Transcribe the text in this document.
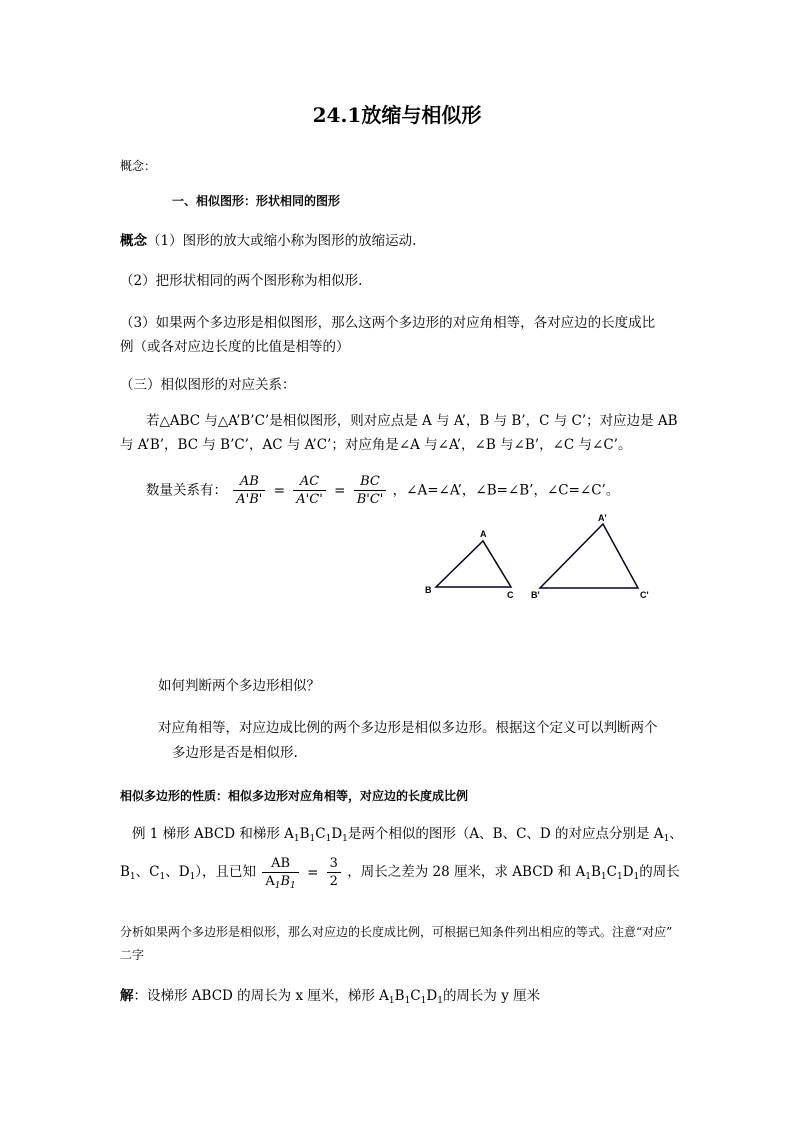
24.1放缩与相似形
概念：
一、相似图形：形状相同的图形
概念（1）图形的放大或缩小称为图形的放缩运动.
（2）把形状相同的两个图形称为相似形.
（3）如果两个多边形是相似图形，那么这两个多边形的对应角相等，各对应边的长度成比
例（或各对应边长度的比值是相等的）
（三）相似图形的对应关系：
若△ABC 与△A’B’C’是相似图形，则对应点是 A 与 A’，B 与 B’，C 与 C’；对应边是 AB
与 A’B’，BC 与 B’C’，AC 与 A’C’；对应角是∠A 与∠A’，∠B 与∠B’，∠C 与∠C’。
数量关系有： $\frac{AB}{A'B'} = \frac{AC}{A'C'} = \frac{BC}{B'C'}$ ，∠A=∠A’，∠B=∠B’，∠C=∠C’。
A
B	C
A'
B'	C'
如何判断两个多边形相似？
对应角相等，对应边成比例的两个多边形是相似多边形。根据这个定义可以判断两个
多边形是否是相似形.
相似多边形的性质：相似多边形对应角相等，对应边的长度成比例
例 1 梯形 ABCD 和梯形 $A_1B_1C_1D_1$是两个相似的图形（A、B、C、D 的对应点分别是 $A_1$、
$B_1$、$C_1$、$D_1$），且已知 $\frac{AB}{A_1B_1} = \frac{3}{2}$ ，周长之差为 28 厘米，求 ABCD 和 $A_1B_1C_1D_1$的周长
分析如果两个多边形是相似形，那么对应边的长度成比例，可根据已知条件列出相应的等式。注意“对应”
二字
解：设梯形 ABCD 的周长为 x 厘米，梯形 $A_1B_1C_1D_1$的周长为 y 厘米
